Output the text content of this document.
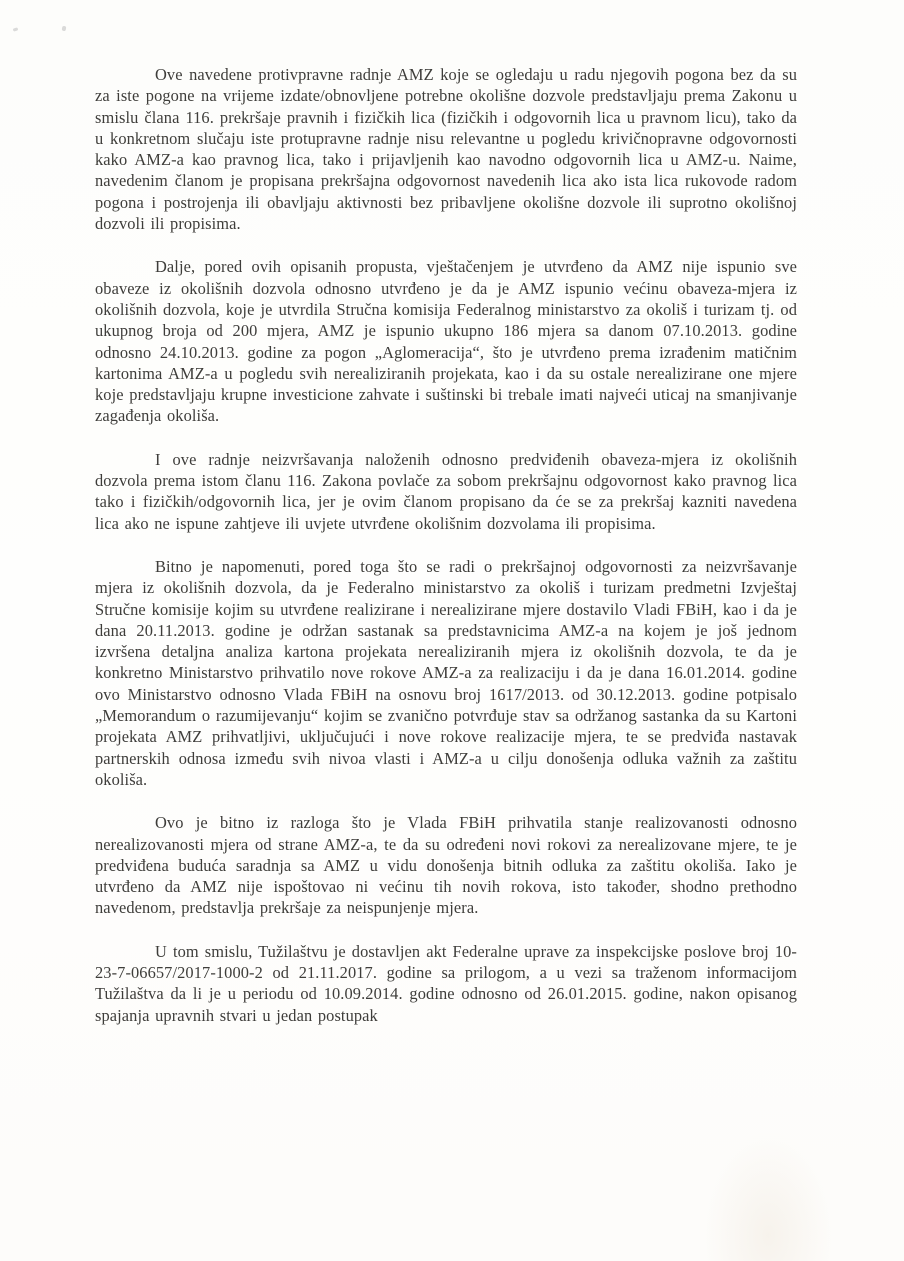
Ove navedene protivpravne radnje AMZ koje se ogledaju u radu njegovih pogona bez da su za iste pogone na vrijeme izdate/obnovljene potrebne okolišne dozvole predstavljaju prema Zakonu u smislu člana 116. prekršaje pravnih i fizičkih lica (fizičkih i odgovornih lica u pravnom licu), tako da u konkretnom slučaju iste protupravne radnje nisu relevantne u pogledu krivičnopravne odgovornosti kako AMZ-a kao pravnog lica, tako i prijavljenih kao navodno odgovornih lica u AMZ-u. Naime, navedenim članom je propisana prekršajna odgovornost navedenih lica ako ista lica rukovode radom pogona i postrojenja ili obavljaju aktivnosti bez pribavljene okolišne dozvole ili suprotno okolišnoj dozvoli ili propisima.

Dalje, pored ovih opisanih propusta, vještačenjem je utvrđeno da AMZ nije ispunio sve obaveze iz okolišnih dozvola odnosno utvrđeno je da je AMZ ispunio većinu obaveza-mjera iz okolišnih dozvola, koje je utvrdila Stručna komisija Federalnog ministarstvo za okoliš i turizam tj. od ukupnog broja od 200 mjera, AMZ je ispunio ukupno 186 mjera sa danom 07.10.2013. godine odnosno 24.10.2013. godine za pogon „Aglomeracija“, što je utvrđeno prema izrađenim matičnim kartonima AMZ-a u pogledu svih nerealiziranih projekata, kao i da su ostale nerealizirane one mjere koje predstavljaju krupne investicione zahvate i suštinski bi trebale imati najveći uticaj na smanjivanje zagađenja okoliša.

I ove radnje neizvršavanja naloženih odnosno predviđenih obaveza-mjera iz okolišnih dozvola prema istom članu 116. Zakona povlače za sobom prekršajnu odgovornost kako pravnog lica tako i fizičkih/odgovornih lica, jer je ovim članom propisano da će se za prekršaj kazniti navedena lica ako ne ispune zahtjeve ili uvjete utvrđene okolišnim dozvolama ili propisima.

Bitno je napomenuti, pored toga što se radi o prekršajnoj odgovornosti za neizvršavanje mjera iz okolišnih dozvola, da je Federalno ministarstvo za okoliš i turizam predmetni Izvještaj Stručne komisije kojim su utvrđene realizirane i nerealizirane mjere dostavilo Vladi FBiH, kao i da je dana 20.11.2013. godine je održan sastanak sa predstavnicima AMZ-a na kojem je još jednom izvršena detaljna analiza kartona projekata nerealiziranih mjera iz okolišnih dozvola, te da je konkretno Ministarstvo prihvatilo nove rokove AMZ-a za realizaciju i da je dana 16.01.2014. godine ovo Ministarstvo odnosno Vlada FBiH na osnovu broj 1617/2013. od 30.12.2013. godine potpisalo „Memorandum o razumijevanju“ kojim se zvanično potvrđuje stav sa održanog sastanka da su Kartoni projekata AMZ prihvatljivi, uključujući i nove rokove realizacije mjera, te se predviđa nastavak partnerskih odnosa između svih nivoa vlasti i AMZ-a u cilju donošenja odluka važnih za zaštitu okoliša.

Ovo je bitno iz razloga što je Vlada FBiH prihvatila stanje realizovanosti odnosno nerealizovanosti mjera od strane AMZ-a, te da su određeni novi rokovi za nerealizovane mjere, te je predviđena buduća saradnja sa AMZ u vidu donošenja bitnih odluka za zaštitu okoliša. Iako je utvrđeno da AMZ nije ispoštovao ni većinu tih novih rokova, isto također, shodno prethodno navedenom, predstavlja prekršaje za neispunjenje mjera.

U tom smislu, Tužilaštvu je dostavljen akt Federalne uprave za inspekcijske poslove broj 10-23-7-06657/2017-1000-2 od 21.11.2017. godine sa prilogom, a u vezi sa traženom informacijom Tužilaštva da li je u periodu od 10.09.2014. godine odnosno od 26.01.2015. godine, nakon opisanog spajanja upravnih stvari u jedan postupak
